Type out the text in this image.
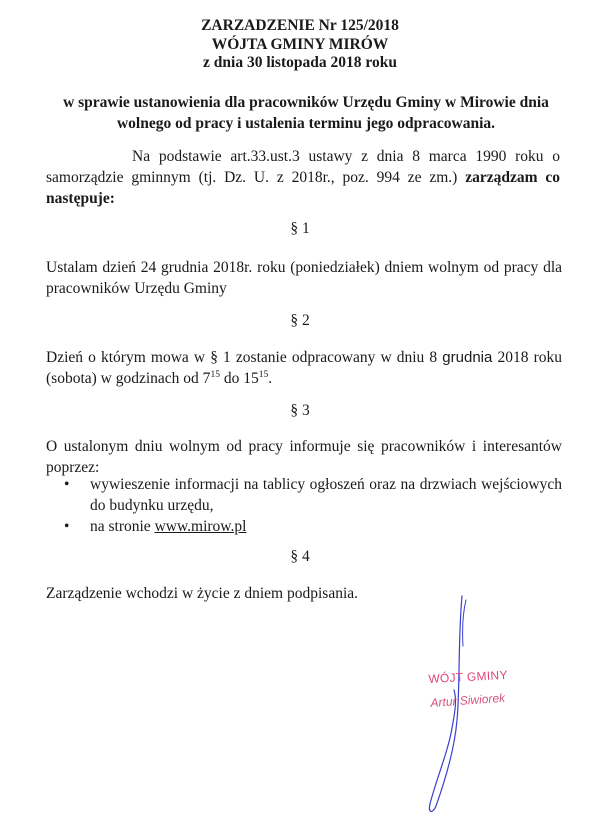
ZARZADZENIE Nr 125/2018
WÓJTA GMINY MIRÓW
z dnia 30 listopada 2018 roku
w sprawie ustanowienia dla pracowników Urzędu Gminy w Mirowie dnia wolnego od pracy i ustalenia terminu jego odpracowania.
Na podstawie art.33.ust.3 ustawy z dnia 8 marca 1990 roku o samorządzie gminnym (tj. Dz. U. z 2018r., poz. 994 ze zm.) zarządzam co następuje:
§ 1
Ustalam dzień 24 grudnia 2018r. roku (poniedziałek) dniem wolnym od pracy dla pracowników Urzędu Gminy
§ 2
Dzień o którym mowa w § 1 zostanie odpracowany w dniu 8 grudnia 2018 roku (sobota) w godzinach od $7^{15}$ do $15^{15}$.
§ 3
O ustalonym dniu wolnym od pracy informuje się pracowników i interesantów poprzez:
• wywieszenie informacji na tablicy ogłoszeń oraz na drzwiach wejściowych do budynku urzędu,
• na stronie www.mirow.pl
§ 4
Zarządzenie wchodzi w życie z dniem podpisania.
WÓJT GMINY
Artur Siwiorek
